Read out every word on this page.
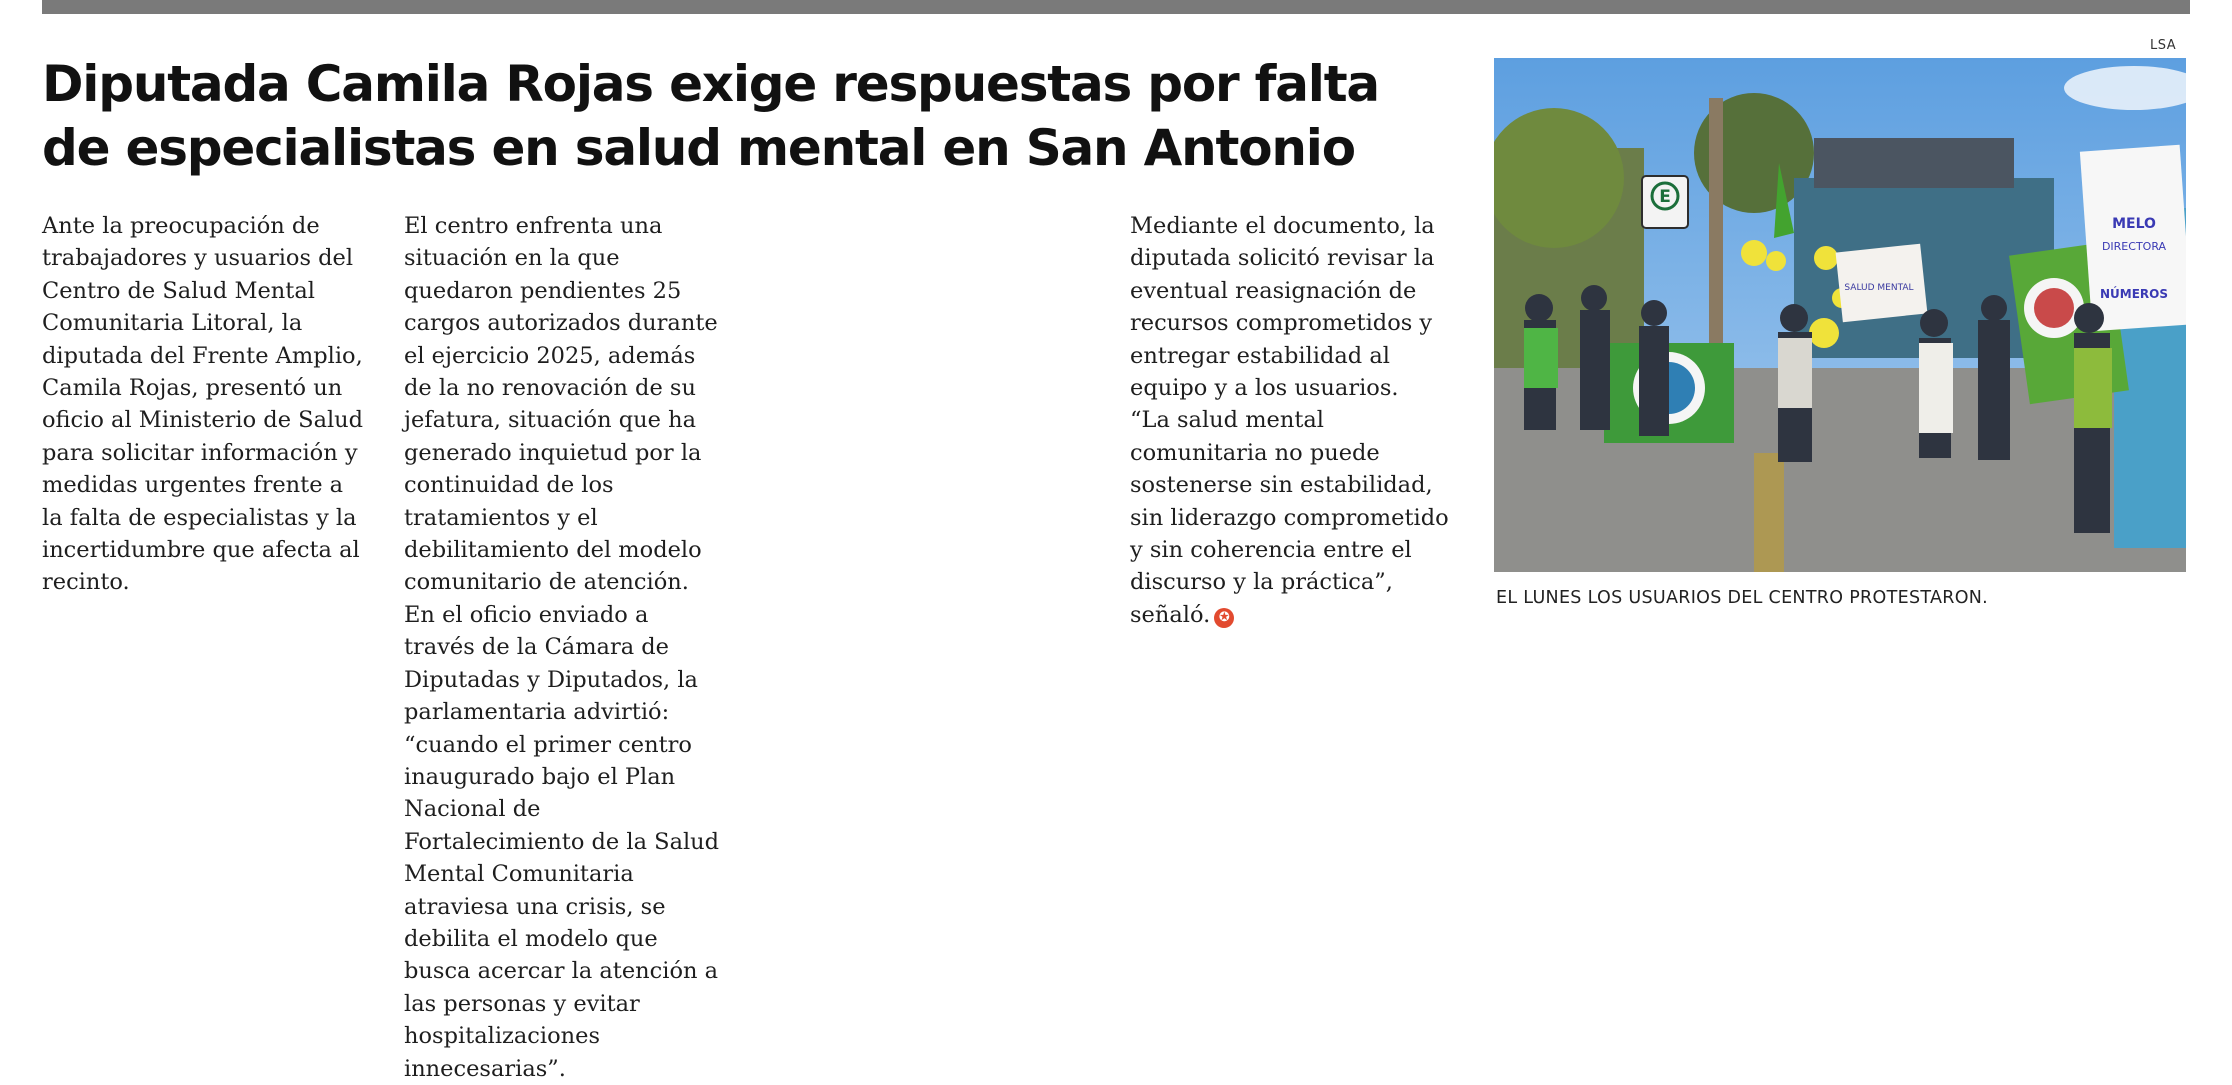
Diputada Camila Rojas exige respuestas por falta
de especialistas en salud mental en San Antonio

Ante la preocupación de trabajadores y usuarios del Centro de Salud Mental Comunitaria Litoral, la diputada del Frente Amplio, Camila Rojas, presentó un oficio al Ministerio de Salud para solicitar información y medidas urgentes frente a la falta de especialistas y la incertidumbre que afecta al recinto.

El centro enfrenta una situación en la que quedaron pendientes 25 cargos autorizados durante el ejercicio 2025, además de la no renovación de su jefatura, situación que ha generado inquietud por la continuidad de los tratamientos y el debilitamiento del modelo comunitario de atención.

En el oficio enviado a través de la Cámara de Diputadas y Diputados, la parlamentaria advirtió: “cuando el primer centro inaugurado bajo el Plan Nacional de Fortalecimiento de la Salud Mental Comunitaria atraviesa una crisis, se debilita el modelo que busca acercar la atención a las personas y evitar hospitalizaciones innecesarias”.

Mediante el documento, la diputada solicitó revisar la eventual reasignación de recursos comprometidos y entregar estabilidad al equipo y a los usuarios.

“La salud mental comunitaria no puede sostenerse sin estabilidad, sin liderazgo comprometido y sin coherencia entre el discurso y la práctica”, señaló. ✪

LSA
E
SALUD MENTAL
MELO
DIRECTORA
NÚMEROS
EL LUNES LOS USUARIOS DEL CENTRO PROTESTARON.
